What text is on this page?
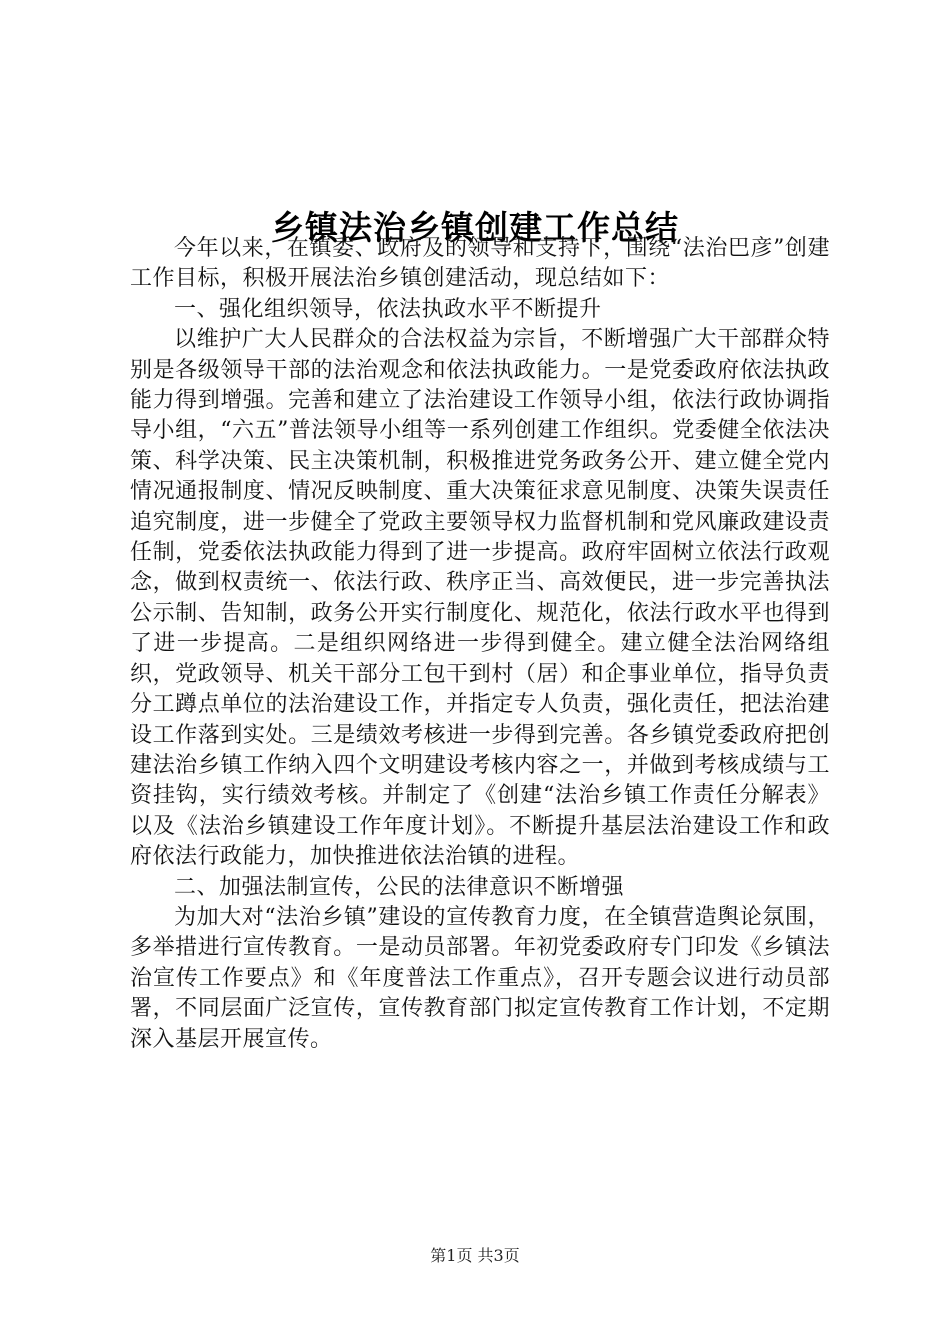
乡镇法治乡镇创建工作总结

今年以来，在镇委、政府及的领导和支持下，围绕“法治巴彦”创建工作目标，积极开展法治乡镇创建活动，现总结如下：

一、强化组织领导，依法执政水平不断提升

以维护广大人民群众的合法权益为宗旨，不断增强广大干部群众特别是各级领导干部的法治观念和依法执政能力。一是党委政府依法执政能力得到增强。完善和建立了法治建设工作领导小组，依法行政协调指导小组，“六五”普法领导小组等一系列创建工作组织。党委健全依法决策、科学决策、民主决策机制，积极推进党务政务公开、建立健全党内情况通报制度、情况反映制度、重大决策征求意见制度、决策失误责任追究制度，进一步健全了党政主要领导权力监督机制和党风廉政建设责任制，党委依法执政能力得到了进一步提高。政府牢固树立依法行政观念，做到权责统一、依法行政、秩序正当、高效便民，进一步完善执法公示制、告知制，政务公开实行制度化、规范化，依法行政水平也得到了进一步提高。二是组织网络进一步得到健全。建立健全法治网络组织，党政领导、机关干部分工包干到村（居）和企事业单位，指导负责分工蹲点单位的法治建设工作，并指定专人负责，强化责任，把法治建设工作落到实处。三是绩效考核进一步得到完善。各乡镇党委政府把创建法治乡镇工作纳入四个文明建设考核内容之一，并做到考核成绩与工资挂钩，实行绩效考核。并制定了《创建“法治乡镇工作责任分解表》以及《法治乡镇建设工作年度计划》。不断提升基层法治建设工作和政府依法行政能力，加快推进依法治镇的进程。

二、加强法制宣传，公民的法律意识不断增强

为加大对“法治乡镇”建设的宣传教育力度，在全镇营造舆论氛围，多举措进行宣传教育。一是动员部署。年初党委政府专门印发《乡镇法治宣传工作要点》和《年度普法工作重点》，召开专题会议进行动员部署，不同层面广泛宣传，宣传教育部门拟定宣传教育工作计划，不定期深入基层开展宣传。

第1页 共3页
